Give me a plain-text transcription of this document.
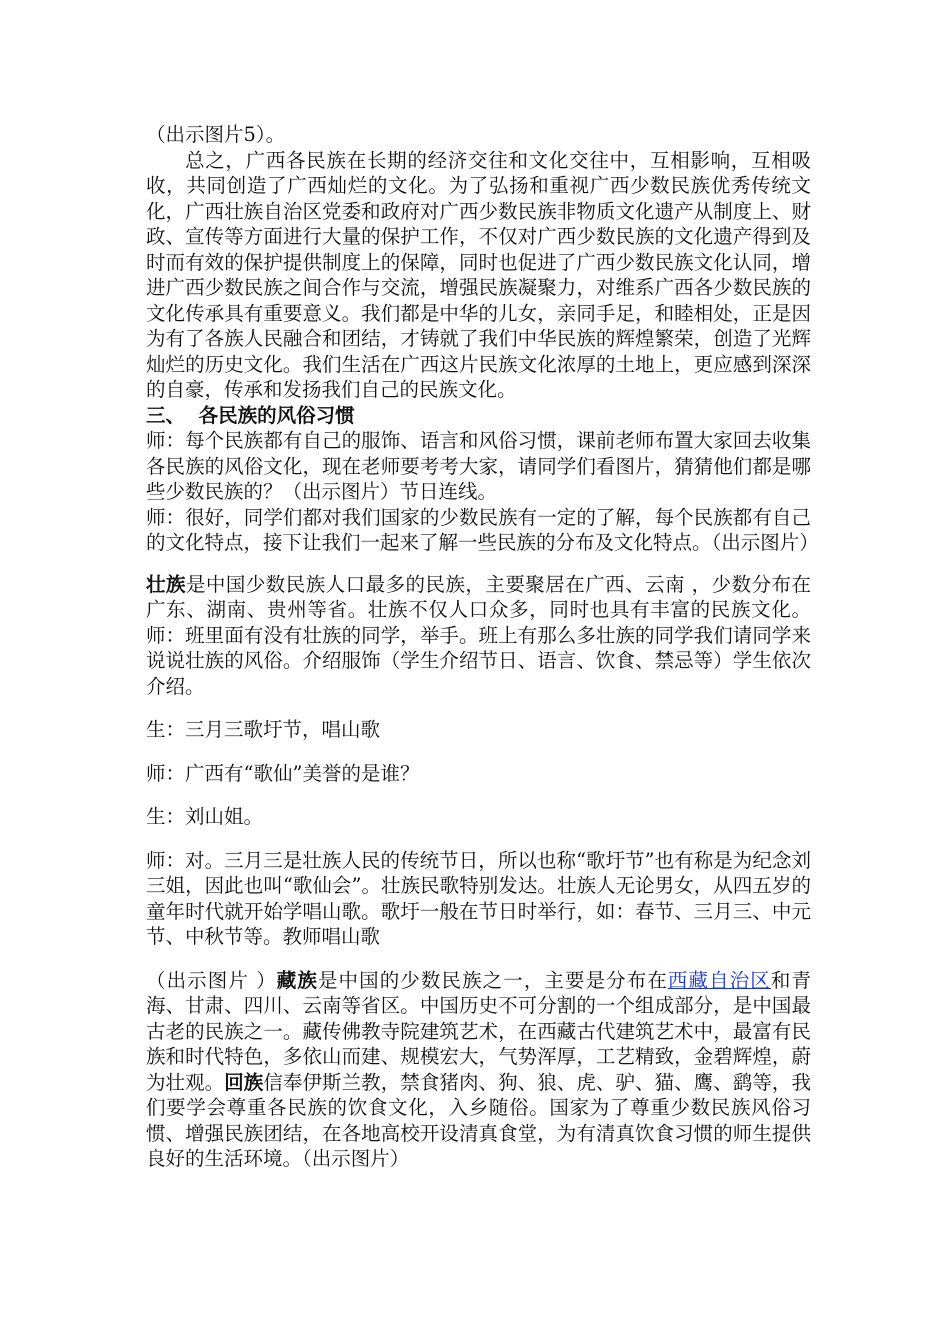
（出示图片5）。

总之，广西各民族在长期的经济交往和文化交往中，互相影响，互相吸收，共同创造了广西灿烂的文化。为了弘扬和重视广西少数民族优秀传统文化，广西壮族自治区党委和政府对广西少数民族非物质文化遗产从制度上、财政、宣传等方面进行大量的保护工作，不仅对广西少数民族的文化遗产得到及时而有效的保护提供制度上的保障，同时也促进了广西少数民族文化认同，增进广西少数民族之间合作与交流，增强民族凝聚力，对维系广西各少数民族的文化传承具有重要意义。我们都是中华的儿女，亲同手足，和睦相处，正是因为有了各族人民融合和团结，才铸就了我们中华民族的辉煌繁荣，创造了光辉灿烂的历史文化。我们生活在广西这片民族文化浓厚的土地上，更应感到深深的自豪，传承和发扬我们自己的民族文化。

三、  各民族的风俗习惯

师：每个民族都有自己的服饰、语言和风俗习惯，课前老师布置大家回去收集各民族的风俗文化，现在老师要考考大家，请同学们看图片，猜猜他们都是哪些少数民族的？（出示图片）节日连线。

师：很好，同学们都对我们国家的少数民族有一定的了解，每个民族都有自己的文化特点，接下让我们一起来了解一些民族的分布及文化特点。（出示图片）

壮族是中国少数民族人口最多的民族，主要聚居在广西、云南 ，少数分布在广东、湖南、贵州等省。壮族不仅人口众多，同时也具有丰富的民族文化。师：班里面有没有壮族的同学，举手。班上有那么多壮族的同学我们请同学来说说壮族的风俗。介绍服饰（学生介绍节日、语言、饮食、禁忌等）学生依次介绍。

生：三月三歌圩节，唱山歌

师：广西有“歌仙”美誉的是谁？

生：刘山姐。

师：对。三月三是壮族人民的传统节日，所以也称“歌圩节”也有称是为纪念刘三姐，因此也叫“歌仙会”。壮族民歌特别发达。壮族人无论男女，从四五岁的童年时代就开始学唱山歌。歌圩一般在节日时举行，如：春节、三月三、中元节、中秋节等。教师唱山歌

（出示图片 ）藏族是中国的少数民族之一，主要是分布在西藏自治区和青海、甘肃、四川、云南等省区。中国历史不可分割的一个组成部分，是中国最古老的民族之一。藏传佛教寺院建筑艺术，在西藏古代建筑艺术中，最富有民族和时代特色，多依山而建、规模宏大，气势浑厚，工艺精致，金碧辉煌，蔚为壮观。回族信奉伊斯兰教，禁食猪肉、狗、狼、虎、驴、猫、鹰、鹞等，我们要学会尊重各民族的饮食文化，入乡随俗。国家为了尊重少数民族风俗习惯、增强民族团结，在各地高校开设清真食堂，为有清真饮食习惯的师生提供良好的生活环境。（出示图片）
